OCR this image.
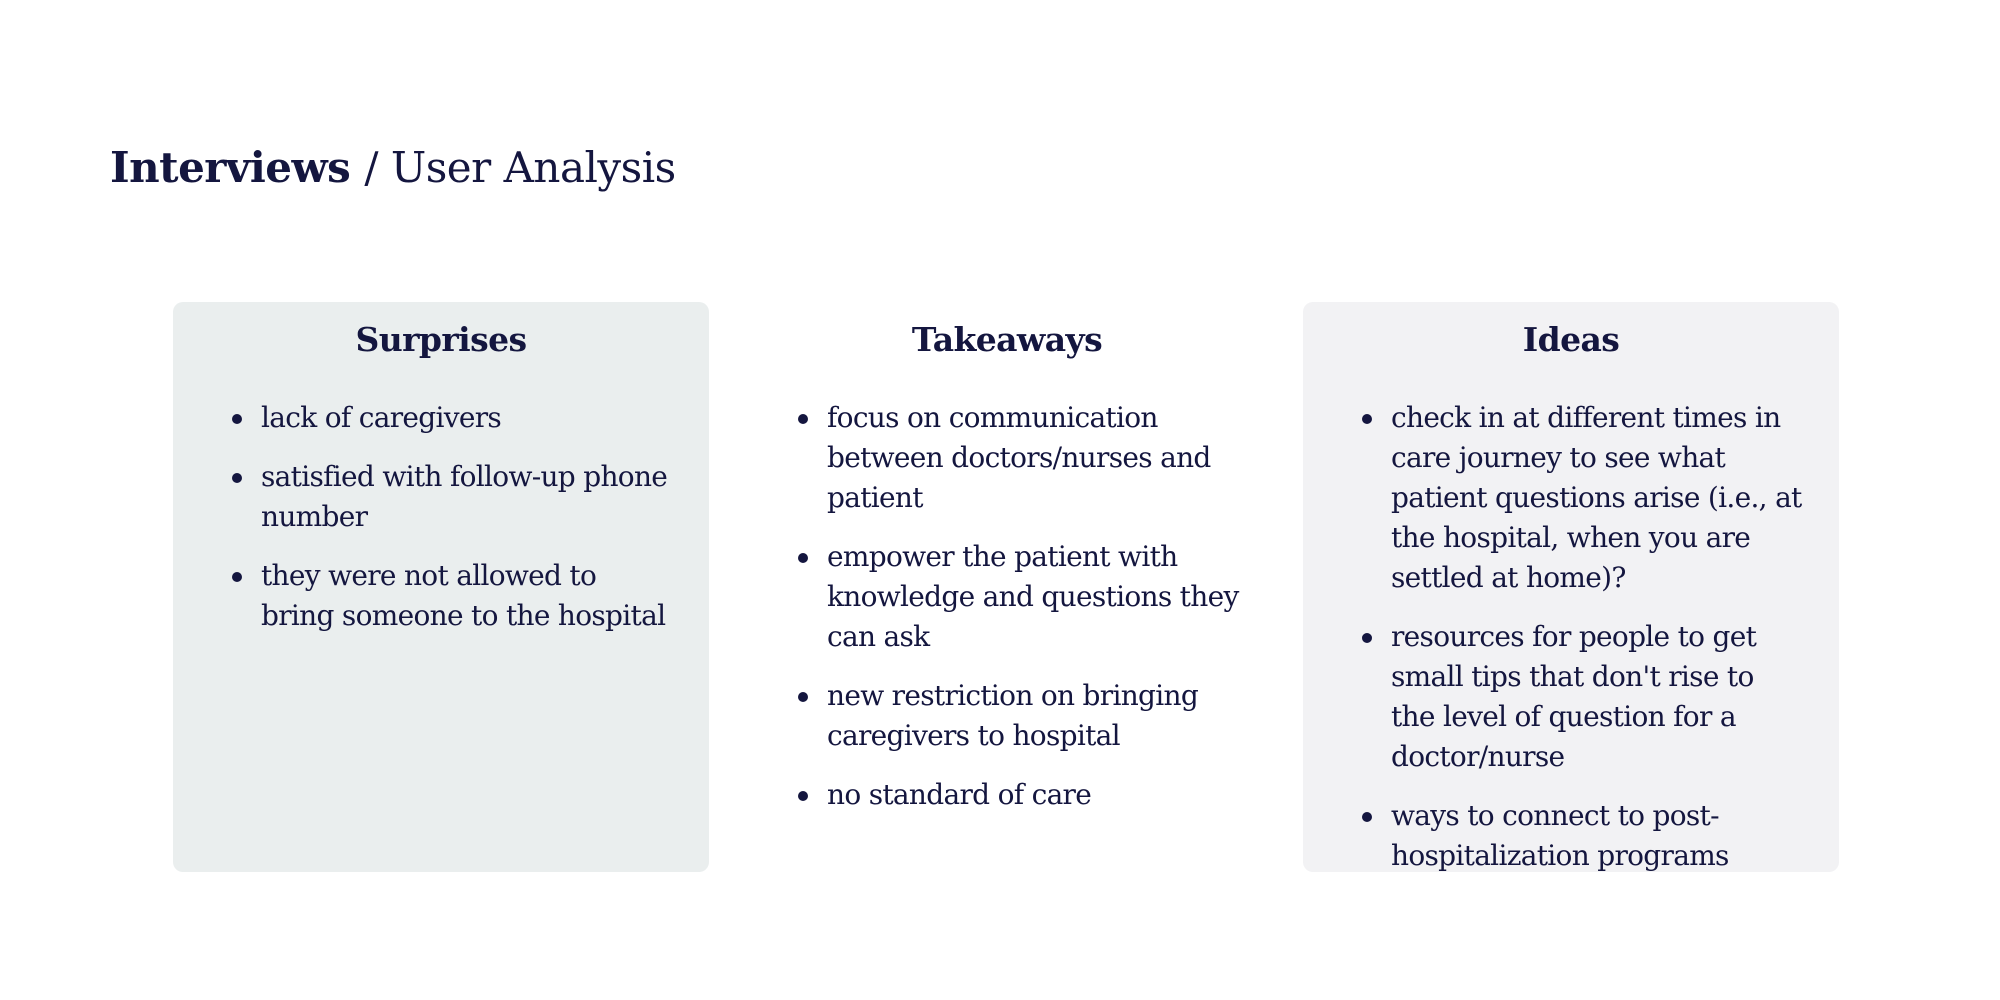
Interviews / User Analysis
Surprises
lack of caregivers
satisfied with follow-up phone number
they were not allowed to bring someone to the hospital
Takeaways
focus on communication between doctors/nurses and patient
empower the patient with knowledge and questions they can ask
new restriction on bringing caregivers to hospital
no standard of care
Ideas
check in at different times in care journey to see what patient questions arise (i.e., at the hospital, when you are settled at home)?
resources for people to get small tips that don't rise to the level of question for a doctor/nurse
ways to connect to post-hospitalization programs
